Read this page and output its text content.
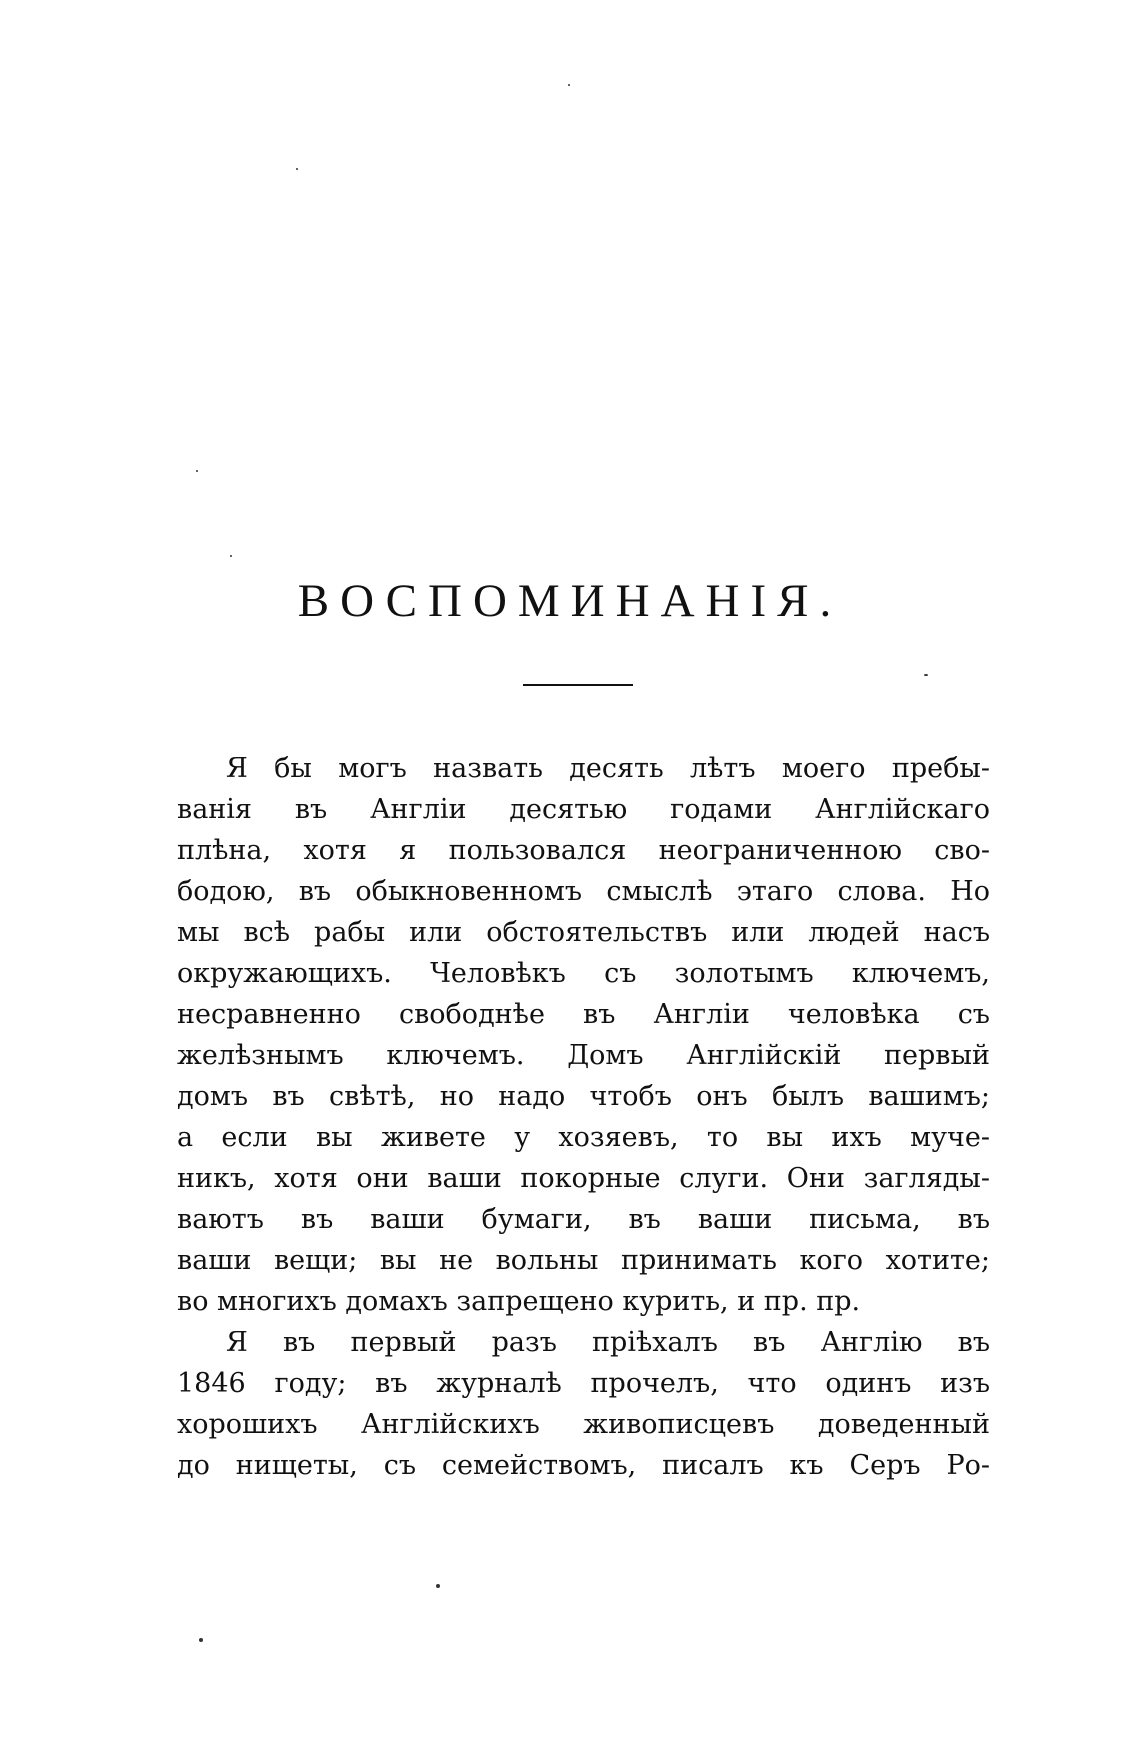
ВОСПОМИНАНІЯ.
Я бы могъ назвать десять лѣтъ моего пребы-
ванія въ Англіи десятью годами Англійскаго
плѣна, хотя я пользовался неограниченною сво-
бодою, въ обыкновенномъ смыслѣ этаго слова. Но
мы всѣ рабы или обстоятельствъ или людей насъ
окружающихъ. Человѣкъ съ золотымъ ключемъ,
несравненно свободнѣе въ Англіи человѣка съ
желѣзнымъ ключемъ. Домъ Англійскій первый
домъ въ свѣтѣ, но надо чтобъ онъ былъ вашимъ;
а если вы живете у хозяевъ, то вы ихъ муче-
никъ, хотя они ваши покорные слуги. Они загляды-
ваютъ въ ваши бумаги, въ ваши письма, въ
ваши вещи; вы не вольны принимать кого хотите;
во многихъ домахъ запрещено курить, и пр. пр.
Я въ первый разъ пріѣхалъ въ Англію въ
1846 году; въ журналѣ прочелъ, что одинъ изъ
хорошихъ Англійскихъ живописцевъ доведенный
до нищеты, съ семействомъ, писалъ къ Серъ Ро-
